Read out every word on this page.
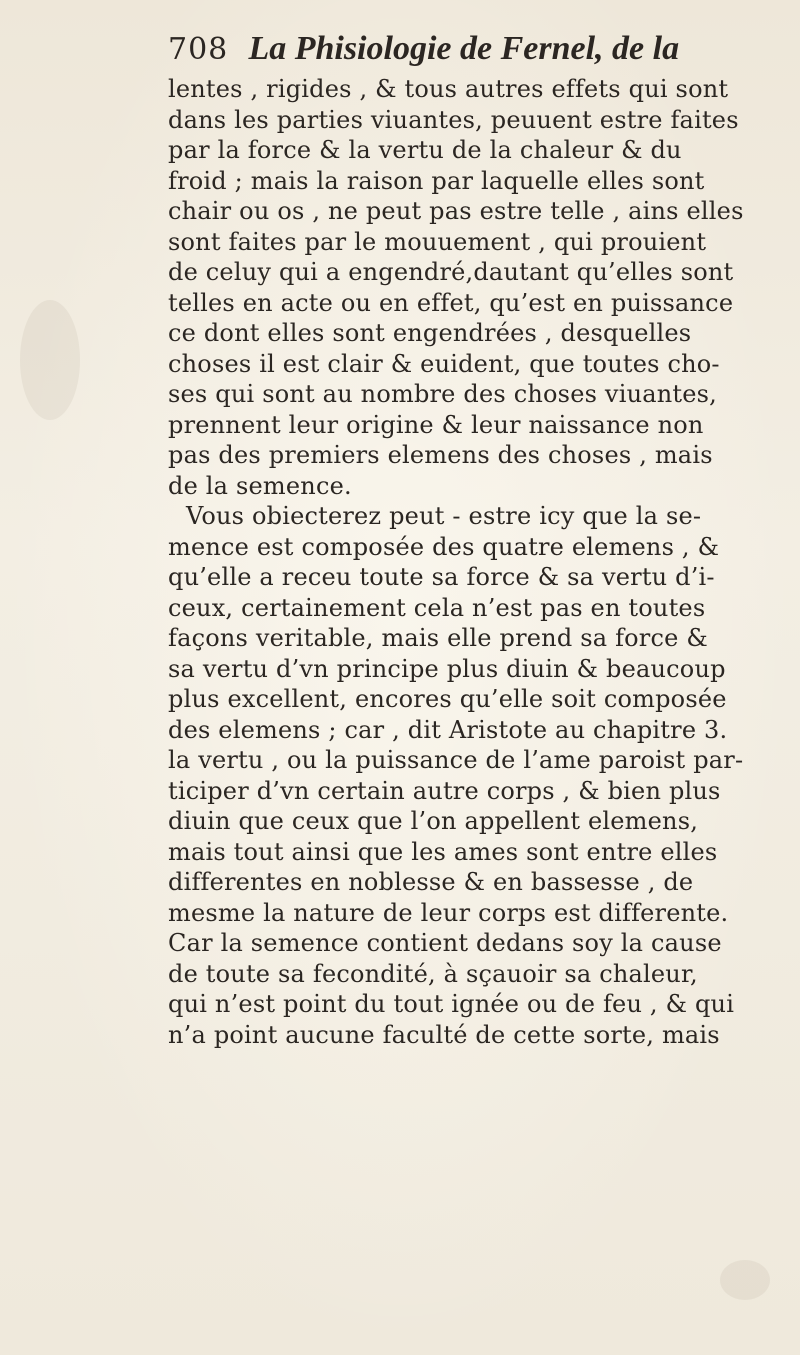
708 La Phisiologie de Fernel, de la
lentes , rigides , & tous autres effets qui sont
dans les parties viuantes, peuuent estre faites
par la force & la vertu de la chaleur & du
froid ; mais la raison par laquelle elles sont
chair ou os , ne peut pas estre telle , ains elles
sont faites par le mouuement , qui prouient
de celuy qui a engendré,dautant qu’elles sont
telles en acte ou en effet, qu’est en puissance
ce dont elles sont engendrées , desquelles
choses il est clair & euident, que toutes cho-
ses qui sont au nombre des choses viuantes,
prennent leur origine & leur naissance non
pas des premiers elemens des choses , mais
de la semence.
Vous obiecterez peut - estre icy que la se-
mence est composée des quatre elemens , &
qu’elle a receu toute sa force & sa vertu d’i-
ceux, certainement cela n’est pas en toutes
façons veritable, mais elle prend sa force &
sa vertu d’vn principe plus diuin & beaucoup
plus excellent, encores qu’elle soit composée
des elemens ; car , dit Aristote au chapitre 3.
la vertu , ou la puissance de l’ame paroist par-
ticiper d’vn certain autre corps , & bien plus
diuin que ceux que l’on appellent elemens,
mais tout ainsi que les ames sont entre elles
differentes en noblesse & en bassesse , de
mesme la nature de leur corps est differente.
Car la semence contient dedans soy la cause
de toute sa fecondité, à sçauoir sa chaleur,
qui n’est point du tout ignée ou de feu , & qui
n’a point aucune faculté de cette sorte, mais
